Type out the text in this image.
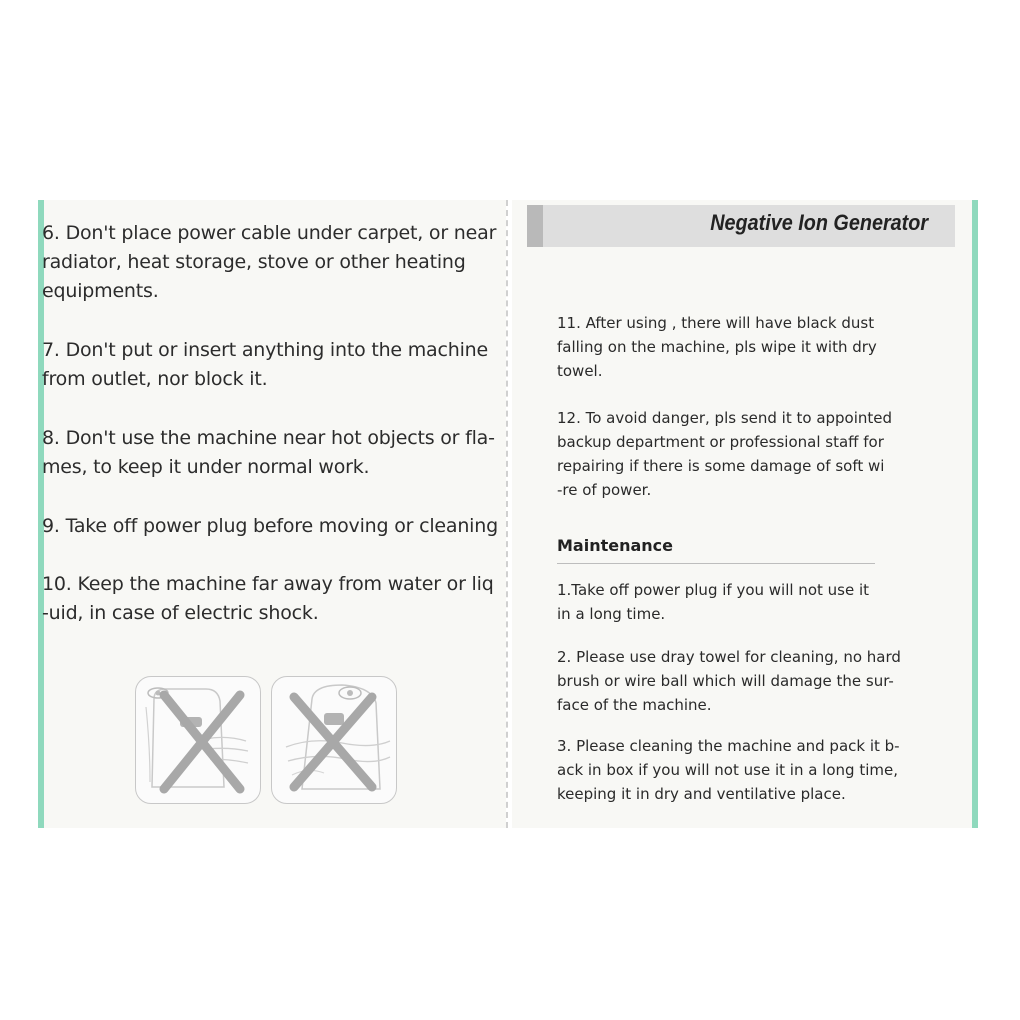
6. Don't place power cable under carpet, or near
radiator, heat storage, stove or other heating
equipments.
7. Don't put or insert anything into the machine
from outlet, nor block it.
8. Don't use the machine near hot objects or fla-
mes, to keep it under normal work.
9. Take off power plug before moving or cleaning
10. Keep the machine far away from water or liq
-uid, in case of electric shock.
Negative Ion Generator
11. After using , there will have black dust
falling on the machine, pls wipe it with dry
towel.
12. To avoid danger, pls send it to appointed
backup department or professional staff for
repairing if there is some damage of soft wi
-re of power.
Maintenance
1.Take off power plug if you will not use it
in a long time.
2. Please use dray towel for cleaning, no hard
brush or wire ball which will damage the sur-
face of the machine.
3. Please cleaning the machine and pack it b-
ack in box if you will not use it in a long time,
keeping it in dry and ventilative place.
